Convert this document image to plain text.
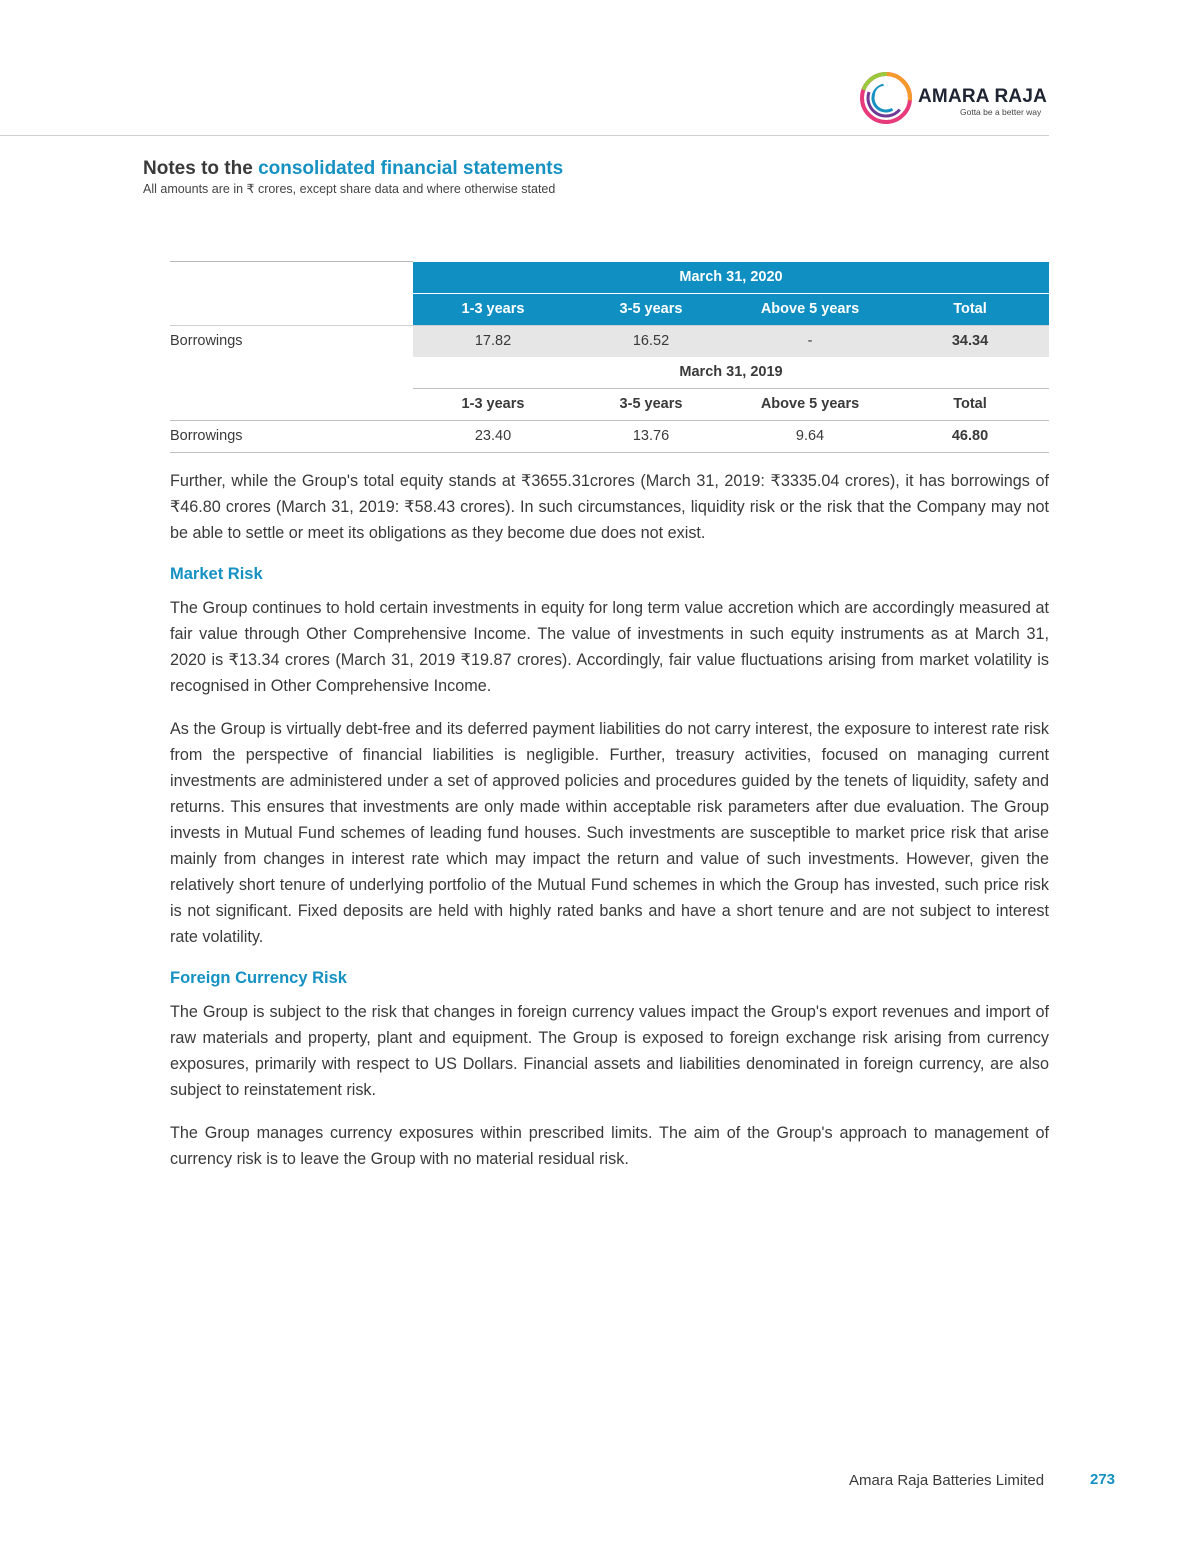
AMARA RAJA
Gotta be a better way
Notes to the consolidated financial statements
All amounts are in ₹ crores, except share data and where otherwise stated
	March 31, 2020			
	1-3 years	3-5 years	Above 5 years	Total
Borrowings	17.82	16.52	-	34.34
	March 31, 2019			
	1-3 years	3-5 years	Above 5 years	Total
Borrowings	23.40	13.76	9.64	46.80
Further, while the Group's total equity stands at ₹3655.31crores (March 31, 2019: ₹3335.04 crores), it has borrowings of ₹46.80 crores (March 31, 2019: ₹58.43 crores). In such circumstances, liquidity risk or the risk that the Company may not be able to settle or meet its obligations as they become due does not exist.
Market Risk
The Group continues to hold certain investments in equity for long term value accretion which are accordingly measured at fair value through Other Comprehensive Income. The value of investments in such equity instruments as at March 31, 2020 is ₹13.34 crores (March 31, 2019 ₹19.87 crores). Accordingly, fair value fluctuations arising from market volatility is recognised in Other Comprehensive Income.
As the Group is virtually debt-free and its deferred payment liabilities do not carry interest, the exposure to interest rate risk from the perspective of financial liabilities is negligible. Further, treasury activities, focused on managing current investments are administered under a set of approved policies and procedures guided by the tenets of liquidity, safety and returns. This ensures that investments are only made within acceptable risk parameters after due evaluation. The Group invests in Mutual Fund schemes of leading fund houses. Such investments are susceptible to market price risk that arise mainly from changes in interest rate which may impact the return and value of such investments. However, given the relatively short tenure of underlying portfolio of the Mutual Fund schemes in which the Group has invested, such price risk is not significant. Fixed deposits are held with highly rated banks and have a short tenure and are not subject to interest rate volatility.
Foreign Currency Risk
The Group is subject to the risk that changes in foreign currency values impact the Group's export revenues and import of raw materials and property, plant and equipment. The Group is exposed to foreign exchange risk arising from currency exposures, primarily with respect to US Dollars. Financial assets and liabilities denominated in foreign currency, are also subject to reinstatement risk.
The Group manages currency exposures within prescribed limits. The aim of the Group's approach to management of currency risk is to leave the Group with no material residual risk.
Amara Raja Batteries Limited	273
